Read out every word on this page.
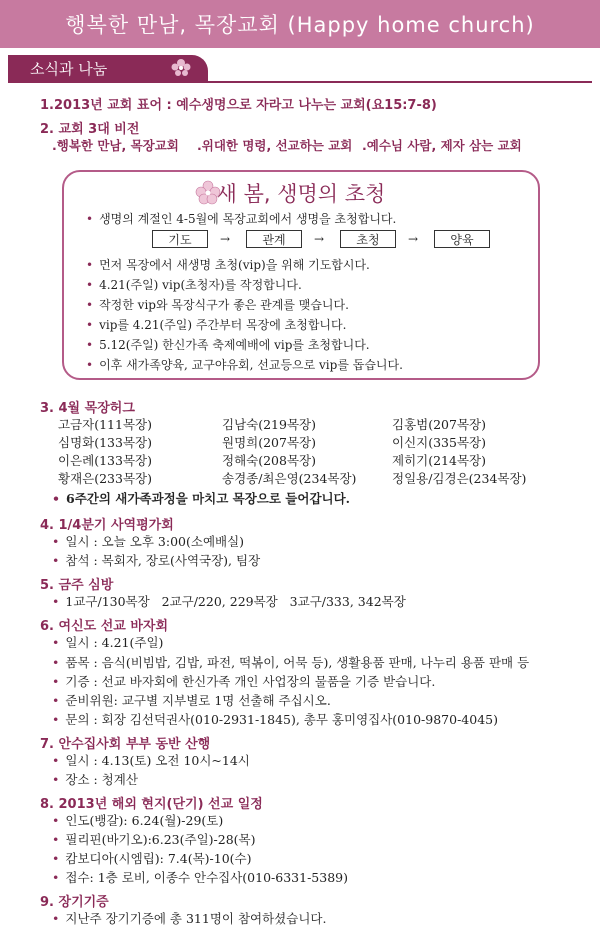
행복한 만남, 목장교회 (Happy home church)
소식과 나눔
1.2013년 교회 표어 : 예수생명으로 자라고 나누는 교회(요15:7-8)
2. 교회 3대 비전
.행복한 만남, 목장교회 .위대한 명령, 선교하는 교회 .예수님 사람, 제자 삼는 교회
새 봄, 생명의 초청
• 생명의 계절인 4-5월에 목장교회에서 생명을 초청합니다.
기도	→	관계	→	초청	→	양육
• 먼저 목장에서 새생명 초청(vip)을 위해 기도합시다.
• 4.21(주일) vip(초청자)를 작정합니다.
• 작정한 vip와 목장식구가 좋은 관계를 맺습니다.
• vip를 4.21(주일) 주간부터 목장에 초청합니다.
• 5.12(주일) 한신가족 축제예배에 vip를 초청합니다.
• 이후 새가족양육, 교구야유회, 선교등으로 vip를 돕습니다.
3. 4월 목장허그
고금자(111목장)	김남숙(219목장)	김홍범(207목장)
심명화(133목장)	원명희(207목장)	이신지(335목장)
이은례(133목장)	정해숙(208목장)	제히기(214목장)
황재은(233목장)	송경종/최은영(234목장)	정일용/김경은(234목장)
• 6주간의 새가족과정을 마치고 목장으로 들어갑니다.
4. 1/4분기 사역평가회
• 일시 : 오늘 오후 3:00(소예배실)
• 참석 : 목회자, 장로(사역국장), 팀장
5. 금주 심방
• 1교구/130목장   2교구/220, 229목장   3교구/333, 342목장
6. 여신도 선교 바자회
• 일시 : 4.21(주일)
• 품목 : 음식(비빔밥, 김밥, 파전, 떡볶이, 어묵 등), 생활용품 판매, 나누리 용품 판매 등
• 기증 : 선교 바자회에 한신가족 개인 사업장의 물품을 기증 받습니다.
• 준비위원: 교구별 지부별로 1명 선출해 주십시오.
• 문의 : 회장 김선덕권사(010-2931-1845), 총무 홍미영집사(010-9870-4045)
7. 안수집사회 부부 동반 산행
• 일시 : 4.13(토) 오전 10시~14시
• 장소 : 청계산
8. 2013년 해외 현지(단기) 선교 일정
• 인도(뱅갈): 6.24(월)-29(토)
• 필리핀(바기오):6.23(주일)-28(목)
• 캄보디아(시엠립): 7.4(목)-10(수)
• 접수: 1층 로비, 이종수 안수집사(010-6331-5389)
9. 장기기증
• 지난주 장기기증에 총 311명이 참여하셨습니다.
